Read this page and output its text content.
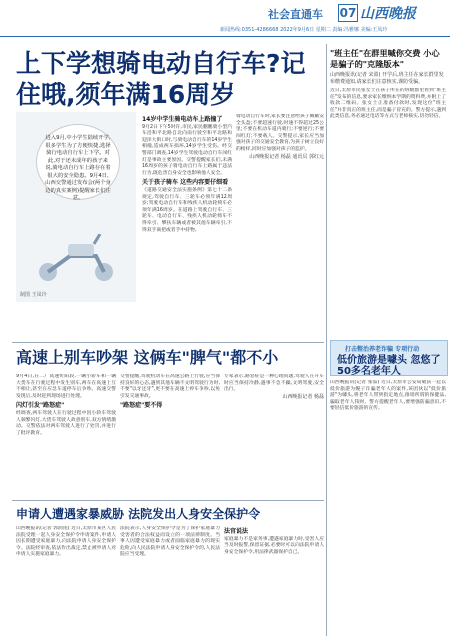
社会直通车 07 山西晚报
新闻热线:0351-4286668 2022年9月6日 星期二 责编:冯雅娜 美编:王凤玲
上下学想骑电动自行车?记住哦,须年满16周岁
进入9月,中小学生陆续开学,很多学生为了方便快捷,选择骑行电动自行车上下学。对此,对于还未成年的孩子来说,骑电动自行车上路存在着很大的安全隐患。9月4日,山西交警通过发布会(两个身边的真实案例)提醒家长们注意。
制图 王凤玲
14岁中学生骑电动车上路撞了
9月2日下午5时许,市民,家民鹏鹏骑小型汽车沿和平北路自北向南行驶至和平北路和迎泽大街口时,与骑电动自行车的14岁学生相撞,造成两车损坏,14岁学生受伤。经交警部门调查,14岁学生驾驶电动自行车闯红灯是事故主要原因。交警提醒家长们,未满16周岁的孩子骑电动自行车上路属于违法行为,既危害自身安全也影响他人安全。
关于孩子骑车 这些内容要仔细看
《道路交通安全法实施条例》第七十二条规定,驾驶自行车、三轮车必须年满12周岁;驾驶电动自行车和残疾人机动轮椅车必须年满16周岁。在道路上驾驶自行车、三轮车、电动自行车、残疾人机动轮椅车不得牵引、攀扶车辆或者被其他车辆牵引,不得双手离把或者手中持物。
骑电动自行车时,家长要注意给孩子佩戴安全头盔;不要超速行驶,时速不得超过25公里;不要在机动车道内骑行;不要逆行;不要闯红灯;不要载人。交警提示,家长应当加强对孩子的交通安全教育,为孩子树立良好的榜样,同时应加强对孩子的监护。
山西晚报记者 杨磊 通讯员 郭红元
"班主任"在群里喊你交费 小心是骗子的"克隆版本"
山西晚报讯(记者 宋盈) 开学后,班主任在家长群里发布缴费通知,请家长们注意核实,谨防受骗。
近日,太原市民张女士在孩子所在的班级群里看到"班主任"发布的信息,要求家长缴纳本学期的资料费,并附上了收款二维码。张女士正准备付款时,发现这位"班主任"并非真正的班主任,而是骗子冒充的。警方提示,遇到此类信息,务必通过电话等方式与老师核实,切勿轻信。
打击整治养老诈骗 专项行动
低价旅游是噱头 忽悠了50多名老年人
山西晚报讯(记者 张茹) 近日,太原市公安局破获一起以低价旅游为幌子诈骗老年人的案件,该团伙以"低价旅游"为噱头,将老年人带到指定地点,推销所谓的保健品,骗取老年人钱财。警方提醒老年人,要增强防骗意识,不要轻信低价旅游的宣传。
高速上别车吵架 这俩车"脾气"都不小
9月4日,在二广高速忻阳段,一辆小轿车和一辆大货车在行驶过程中发生别车,两车在高速上互不相让,甚至在应急车道停车后争吵。高速交警发现后,及时赶到现场进行处理。
闪灯引发"路怒症"
经调查,两车驾驶人在行驶过程中因小轿车驾驶人频繁闪灯,大货车驾驶人故意别车,双方情绪激动。交警依法对两车驾驶人进行了处罚,并进行了批评教育。
交警提醒,驾驶机动车在高速公路上行驶,应当保持良好的心态,遇到其他车辆不文明驾驶行为时,不要"以牙还牙",更不要在高速上停车争吵,以免引发交通事故。
"路怒症"要不得
专家表示,路怒症是一种心理问题,驾驶人在开车时应当保持冷静,遇事不急不躁,文明驾驶,安全出行。
山西晚报记者 杨磊
申请人遭遇家暴威胁 法院发出人身安全保护令
山西晚报讯(记者 郭润莲) 近日,太原市某区人民法院受理一起人身安全保护令申请案件,申请人因长期遭受家庭暴力,向法院申请人身安全保护令。法院经审查,依法作出裁定,禁止被申请人对申请人实施家庭暴力。
法院表示,人身安全保护令是为了保护家庭暴力受害者的合法权益而设立的一项法律制度。当事人因遭受家庭暴力或者面临家庭暴力的现实危险,向人民法院申请人身安全保护令的,人民法院应当受理。
法官说法
家庭暴力不是家务事,遭遇家庭暴力时,受害人应当及时报警,保留证据,必要时可以向法院申请人身安全保护令,用法律武器保护自己。
